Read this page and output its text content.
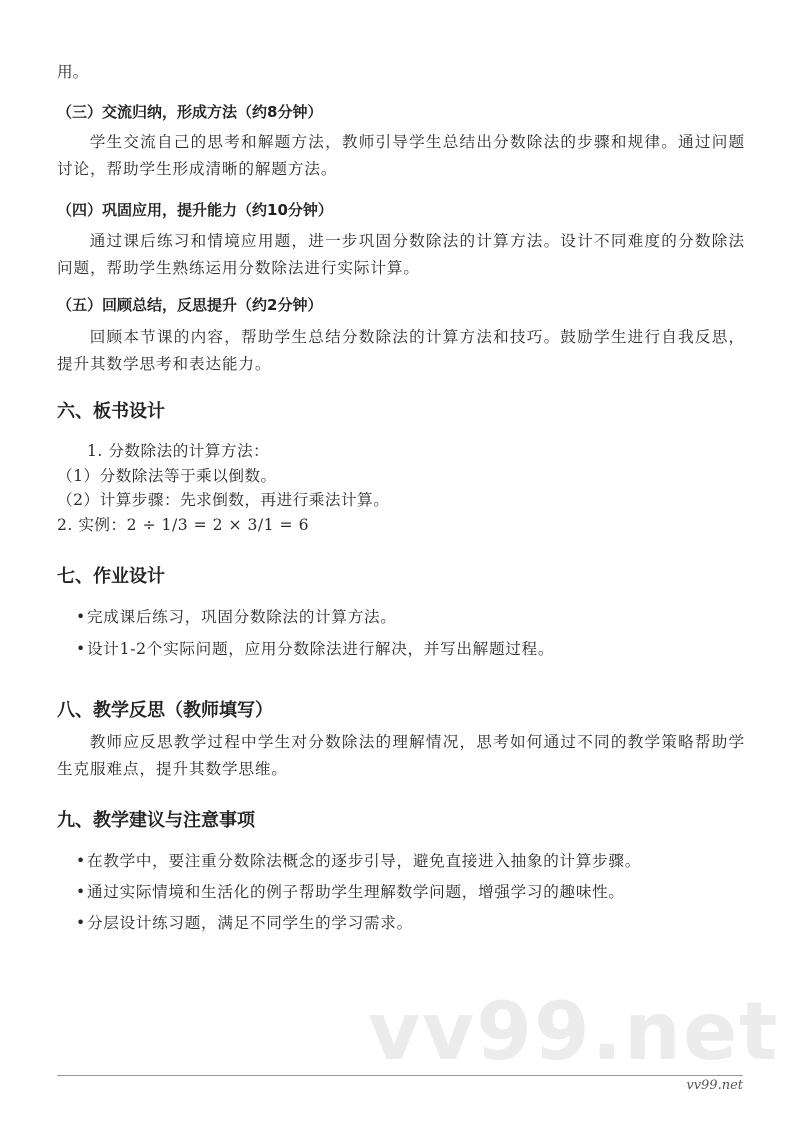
用。
（三）交流归纳，形成方法（约8分钟）
学生交流自己的思考和解题方法，教师引导学生总结出分数除法的步骤和规律。通过问题讨论，帮助学生形成清晰的解题方法。
（四）巩固应用，提升能力（约10分钟）
通过课后练习和情境应用题，进一步巩固分数除法的计算方法。设计不同难度的分数除法问题，帮助学生熟练运用分数除法进行实际计算。
（五）回顾总结，反思提升（约2分钟）
回顾本节课的内容，帮助学生总结分数除法的计算方法和技巧。鼓励学生进行自我反思，提升其数学思考和表达能力。
六、板书设计
1. 分数除法的计算方法：
（1）分数除法等于乘以倒数。
（2）计算步骤：先求倒数，再进行乘法计算。
2. 实例：2 ÷ 1/3 = 2 × 3/1 = 6
七、作业设计
• 完成课后练习，巩固分数除法的计算方法。
• 设计1-2个实际问题，应用分数除法进行解决，并写出解题过程。
八、教学反思（教师填写）
教师应反思教学过程中学生对分数除法的理解情况，思考如何通过不同的教学策略帮助学生克服难点，提升其数学思维。
九、教学建议与注意事项
• 在教学中，要注重分数除法概念的逐步引导，避免直接进入抽象的计算步骤。
• 通过实际情境和生活化的例子帮助学生理解数学问题，增强学习的趣味性。
• 分层设计练习题，满足不同学生的学习需求。
vv99.net
vv99.net
